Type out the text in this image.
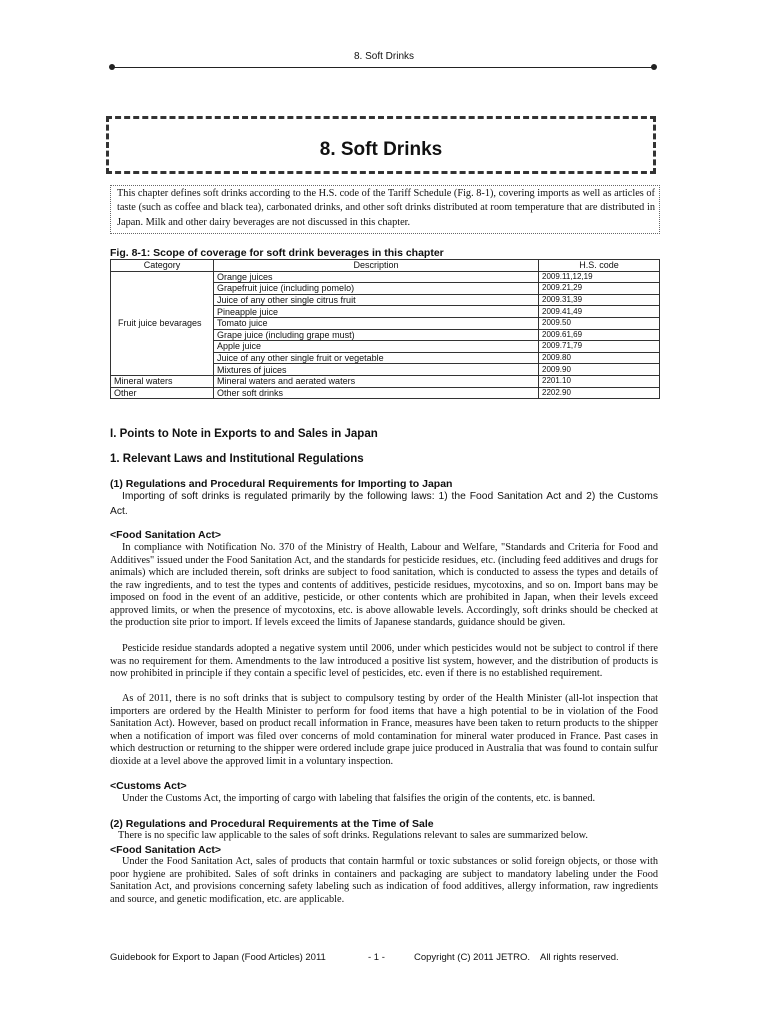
8. Soft Drinks
8. Soft Drinks
This chapter defines soft drinks according to the H.S. code of the Tariff Schedule (Fig. 8-1), covering imports as well as articles of taste (such as coffee and black tea), carbonated drinks, and other soft drinks distributed at room temperature that are distributed in Japan. Milk and other dairy beverages are not discussed in this chapter.
Fig. 8-1: Scope of coverage for soft drink beverages in this chapter
Category	Description	H.S. code
Fruit juice bevarages	Orange juices	2009.11,12,19
	Grapefruit juice (including pomelo)	2009.21,29
	Juice of any other single citrus fruit	2009.31,39
	Pineapple juice	2009.41,49
	Tomato juice	2009.50
	Grape juice (including grape must)	2009.61,69
	Apple juice	2009.71,79
	Juice of any other single fruit or vegetable	2009.80
	Mixtures of juices	2009.90
Mineral waters	Mineral waters and aerated waters	2201.10
Other	Other soft drinks	2202.90
I. Points to Note in Exports to and Sales in Japan
1. Relevant Laws and Institutional Regulations
(1) Regulations and Procedural Requirements for Importing to Japan
Importing of soft drinks is regulated primarily by the following laws: 1) the Food Sanitation Act and 2) the Customs Act.
<Food Sanitation Act>
In compliance with Notification No. 370 of the Ministry of Health, Labour and Welfare, "Standards and Criteria for Food and Additives" issued under the Food Sanitation Act, and the standards for pesticide residues, etc. (including feed additives and drugs for animals) which are included therein, soft drinks are subject to food sanitation, which is conducted to assess the types and details of the raw ingredients, and to test the types and contents of additives, pesticide residues, mycotoxins, and so on. Import bans may be imposed on food in the event of an additive, pesticide, or other contents which are prohibited in Japan, when their levels exceed approved limits, or when the presence of mycotoxins, etc. is above allowable levels. Accordingly, soft drinks should be checked at the production site prior to import. If levels exceed the limits of Japanese standards, guidance should be given.
Pesticide residue standards adopted a negative system until 2006, under which pesticides would not be subject to control if there was no requirement for them. Amendments to the law introduced a positive list system, however, and the distribution of products is now prohibited in principle if they contain a specific level of pesticides, etc. even if there is no established requirement.
As of 2011, there is no soft drinks that is subject to compulsory testing by order of the Health Minister (all-lot inspection that importers are ordered by the Health Minister to perform for food items that have a high potential to be in violation of the Food Sanitation Act). However, based on product recall information in France, measures have been taken to return products to the shipper when a notification of import was filed over concerns of mold contamination for mineral water produced in France. Past cases in which destruction or returning to the shipper were ordered include grape juice produced in Australia that was found to contain sulfur dioxide at a level above the approved limit in a voluntary inspection.
<Customs Act>
Under the Customs Act, the importing of cargo with labeling that falsifies the origin of the contents, etc. is banned.
(2) Regulations and Procedural Requirements at the Time of Sale
There is no specific law applicable to the sales of soft drinks. Regulations relevant to sales are summarized below.
<Food Sanitation Act>
Under the Food Sanitation Act, sales of products that contain harmful or toxic substances or solid foreign objects, or those with poor hygiene are prohibited. Sales of soft drinks in containers and packaging are subject to mandatory labeling under the Food Sanitation Act, and provisions concerning safety labeling such as indication of food additives, allergy information, raw ingredients and source, and genetic modification, etc. are applicable.
Guidebook for Export to Japan (Food Articles) 2011	- 1 -	Copyright (C) 2011 JETRO.    All rights reserved.
